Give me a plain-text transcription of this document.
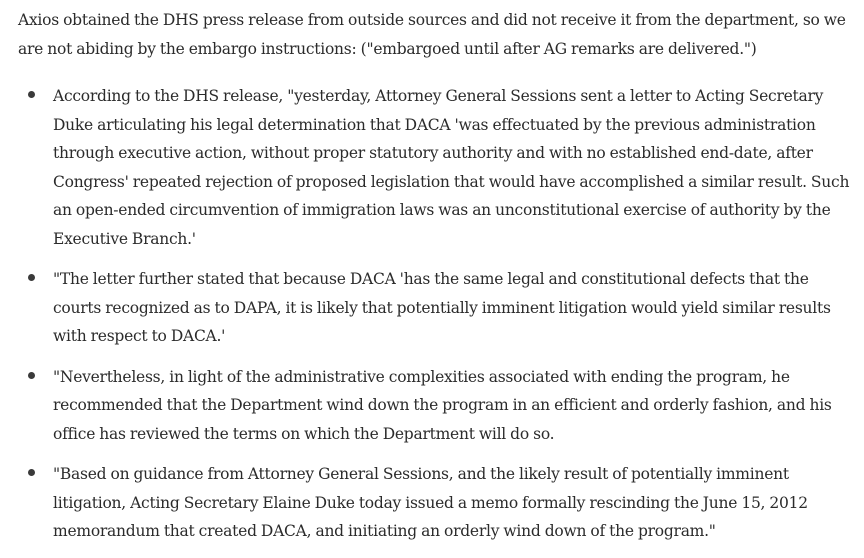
Axios obtained the DHS press release from outside sources and did not receive it from the department, so we are not abiding by the embargo instructions: ("embargoed until after AG remarks are delivered.")

According to the DHS release, "yesterday, Attorney General Sessions sent a letter to Acting Secretary Duke articulating his legal determination that DACA 'was effectuated by the previous administration through executive action, without proper statutory authority and with no established end-date, after Congress' repeated rejection of proposed legislation that would have accomplished a similar result. Such an open-ended circumvention of immigration laws was an unconstitutional exercise of authority by the Executive Branch.'
"The letter further stated that because DACA 'has the same legal and constitutional defects that the courts recognized as to DAPA, it is likely that potentially imminent litigation would yield similar results with respect to DACA.'
"Nevertheless, in light of the administrative complexities associated with ending the program, he recommended that the Department wind down the program in an efficient and orderly fashion, and his office has reviewed the terms on which the Department will do so.
"Based on guidance from Attorney General Sessions, and the likely result of potentially imminent litigation, Acting Secretary Elaine Duke today issued a memo formally rescinding the June 15, 2012 memorandum that created DACA, and initiating an orderly wind down of the program."
